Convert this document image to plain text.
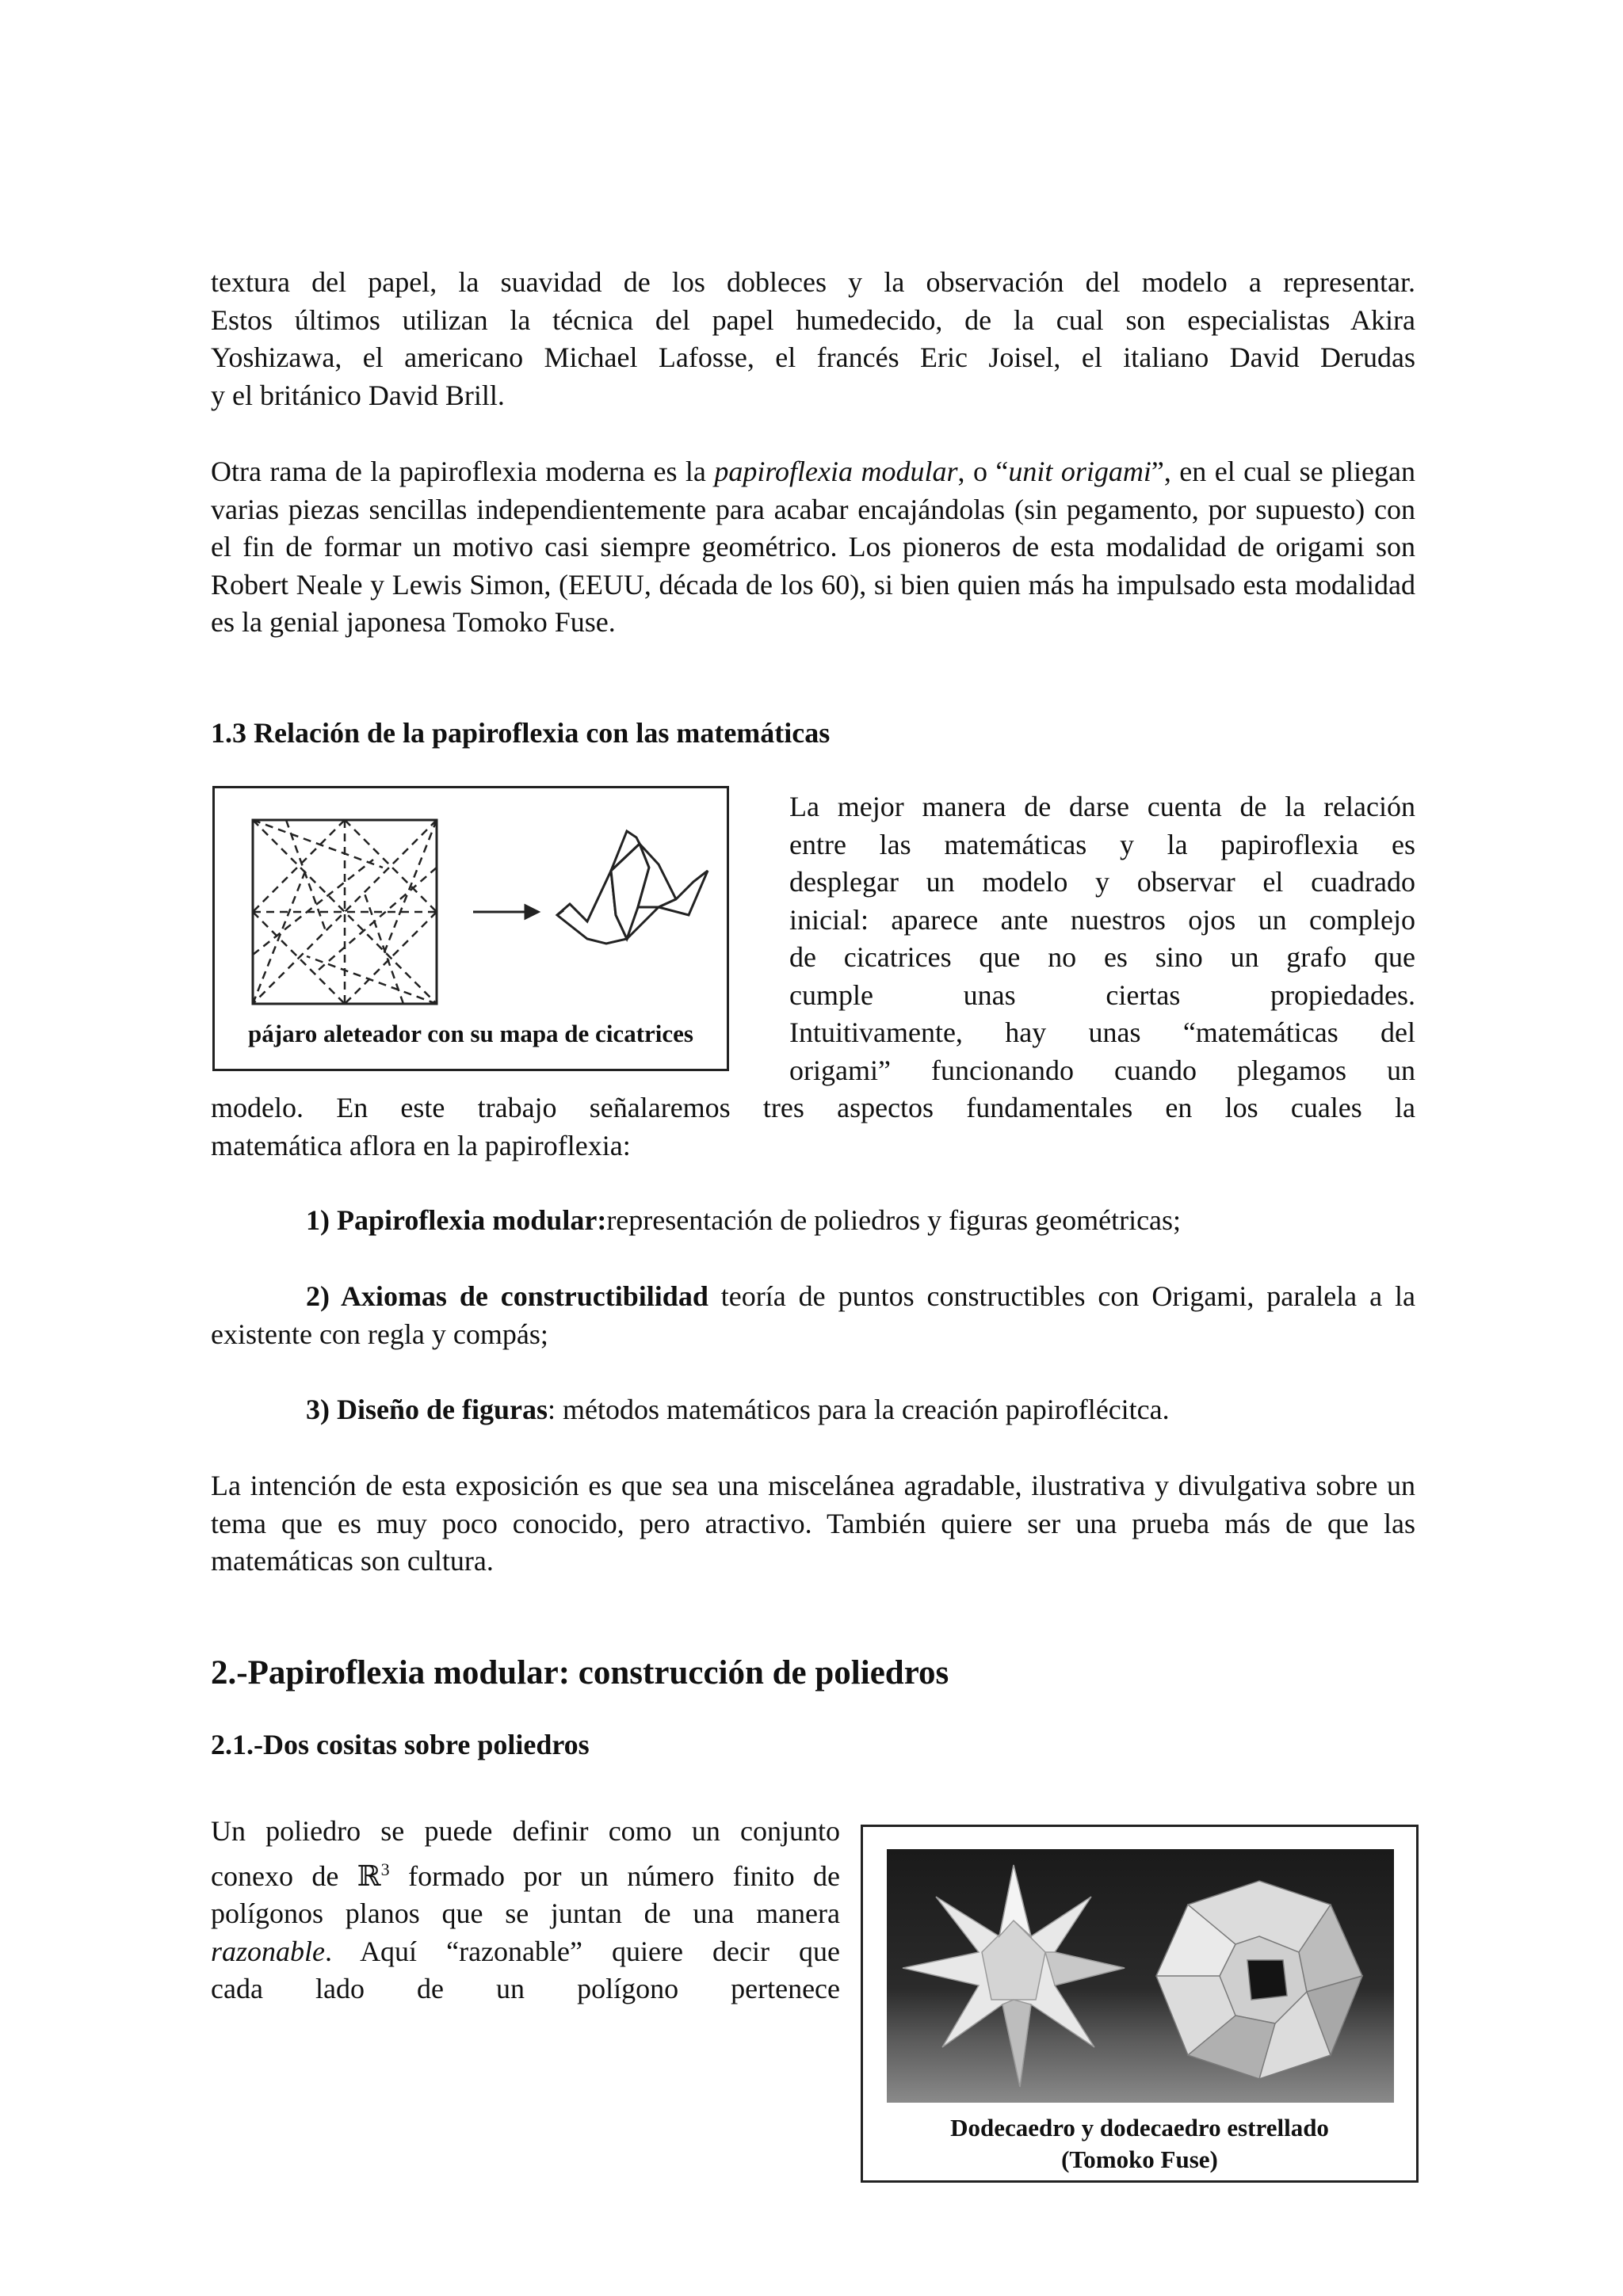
textura del papel, la suavidad de los dobleces y la observación del modelo a representar.
Estos últimos utilizan la técnica del papel humedecido, de la cual son especialistas Akira
Yoshizawa, el americano Michael Lafosse, el francés Eric Joisel, el italiano David Derudas
y el británico David Brill.

Otra rama de la papiroflexia moderna es la papiroflexia modular, o “unit origami”, en el cual se pliegan varias piezas sencillas independientemente para acabar encajándolas (sin pegamento, por supuesto) con el fin de formar un motivo casi siempre geométrico. Los pioneros de esta modalidad de origami son Robert Neale y Lewis Simon, (EEUU, década de los 60), si bien quien más ha impulsado esta modalidad es la genial japonesa Tomoko Fuse.

1.3 Relación de la papiroflexia con las matemáticas
pájaro aleteador con su mapa de cicatrices
La mejor manera de darse cuenta de la relación
entre las matemáticas y la papiroflexia es
desplegar un modelo y observar el cuadrado
inicial: aparece ante nuestros ojos un complejo
de cicatrices que no es sino un grafo que
cumple unas ciertas propiedades.
Intuitivamente, hay unas “matemáticas del
origami” funcionando cuando plegamos un
modelo. En este trabajo señalaremos tres aspectos fundamentales en los cuales la
matemática aflora en la papiroflexia:

1) Papiroflexia modular:representación de poliedros y figuras geométricas;

2) Axiomas de constructibilidad teoría de puntos constructibles con Origami, paralela a la existente con regla y compás;

3) Diseño de figuras: métodos matemáticos para la creación papiroflécitca.

La intención de esta exposición es que sea una miscelánea agradable, ilustrativa y divulgativa sobre un tema que es muy poco conocido, pero atractivo. También quiere ser una prueba más de que las matemáticas son cultura.

2.-Papiroflexia modular: construcción de poliedros
2.1.-Dos cositas sobre poliedros
Un poliedro se puede definir como un conjunto
conexo de ℝ$^3$ formado por un número finito de
polígonos planos que se juntan de una manera
razonable. Aquí “razonable” quiere decir que
cada lado de un polígono pertenece
Dodecaedro y dodecaedro estrellado
(Tomoko Fuse)
